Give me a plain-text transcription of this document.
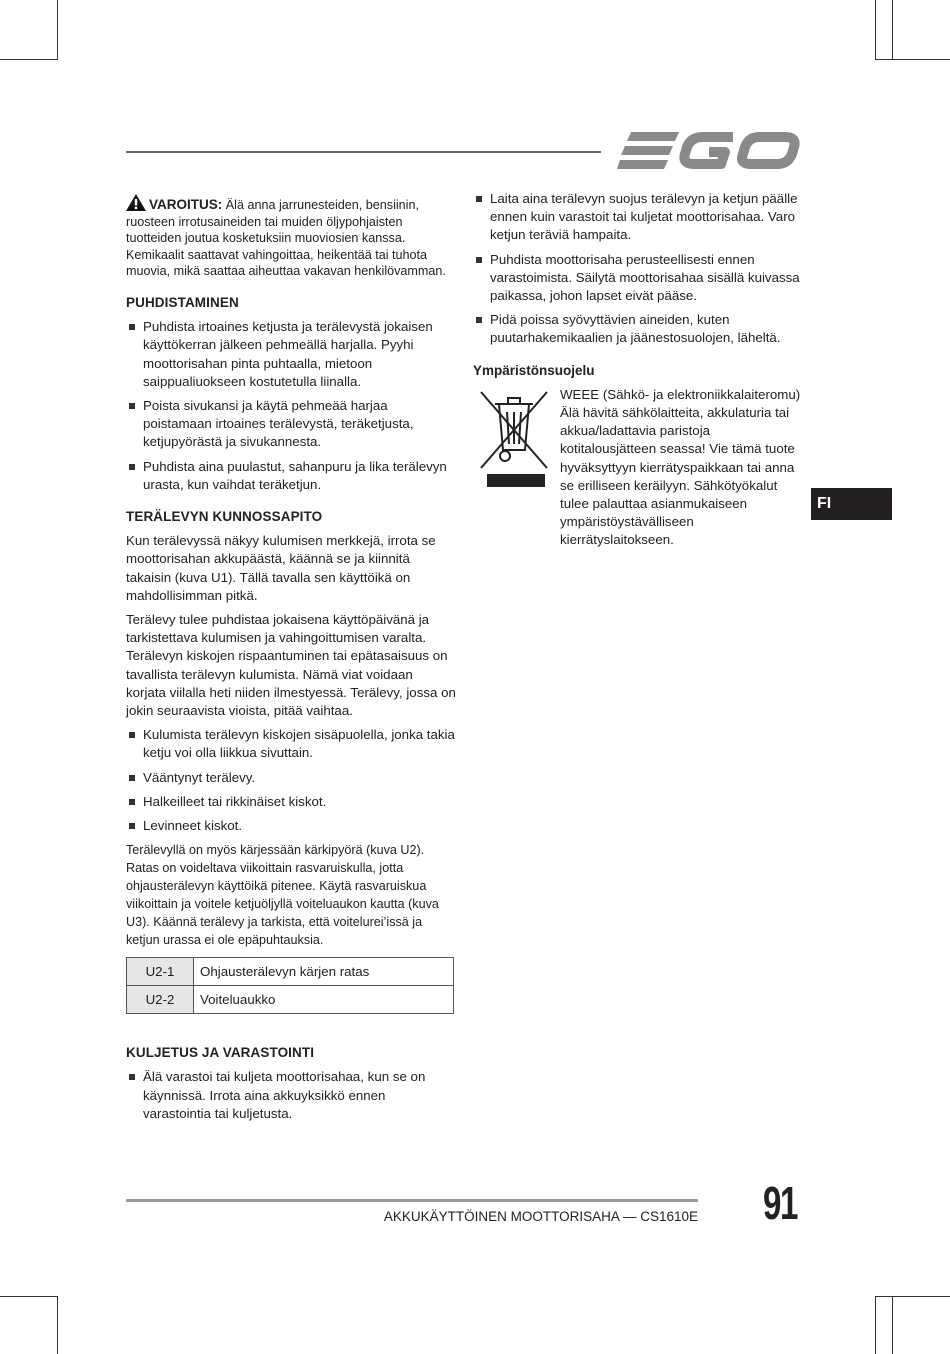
FI

VAROITUS: Älä anna jarrunesteiden, bensiinin, ruosteen irrotusaineiden tai muiden öljypohjaisten tuotteiden joutua kosketuksiin muoviosien kanssa. Kemikaalit saattavat vahingoittaa, heikentää tai tuhota muovia, mikä saattaa aiheuttaa vakavan henkilövamman.

PUHDISTAMINEN
Puhdista irtoaines ketjusta ja terälevystä jokaisen käyttökerran jälkeen pehmeällä harjalla. Pyyhi moottorisahan pinta puhtaalla, mietoon saippualiuokseen kostutetulla liinalla.
Poista sivukansi ja käytä pehmeää harjaa poistamaan irtoaines terälevystä, teräketjusta, ketjupyörästä ja sivukannesta.
Puhdista aina puulastut, sahanpuru ja lika terälevyn urasta, kun vaihdat teräketjun.
TERÄLEVYN KUNNOSSAPITO

Kun terälevyssä näkyy kulumisen merkkejä, irrota se moottorisahan akkupäästä, käännä se ja kiinnitä takaisin (kuva U1). Tällä tavalla sen käyttöikä on mahdollisimman pitkä.

Terälevy tulee puhdistaa jokaisena käyttöpäivänä ja tarkistettava kulumisen ja vahingoittumisen varalta. Terälevyn kiskojen rispaantuminen tai epätasaisuus on tavallista terälevyn kulumista. Nämä viat voidaan korjata viilalla heti niiden ilmestyessä. Terälevy, jossa on jokin seuraavista vioista, pitää vaihtaa.

Kulumista terälevyn kiskojen sisäpuolella, jonka takia ketju voi olla liikkua sivuttain.
Vääntynyt terälevy.
Halkeilleet tai rikkinäiset kiskot.
Levinneet kiskot.

Terälevyllä on myös kärjessään kärkipyörä (kuva U2). Ratas on voideltava viikoittain rasvaruiskulla, jotta ohjausterälevyn käyttöikä pitenee. Käytä rasvaruiskua viikoittain ja voitele ketjuöljyllä voiteluaukon kautta (kuva U3). Käännä terälevy ja tarkista, että voitelurei’issä ja ketjun urassa ei ole epäpuhtauksia.

U2-1	Ohjausterälevyn kärjen ratas
U2-2	Voiteluaukko
KULJETUS JA VARASTOINTI
Älä varastoi tai kuljeta moottorisahaa, kun se on käynnissä. Irrota aina akkuyksikkö ennen varastointia tai kuljetusta.
Laita aina terälevyn suojus terälevyn ja ketjun päälle ennen kuin varastoit tai kuljetat moottorisahaa. Varo ketjun teräviä hampaita.
Puhdista moottorisaha perusteellisesti ennen varastoimista. Säilytä moottorisahaa sisällä kuivassa paikassa, johon lapset eivät pääse.
Pidä poissa syövyttävien aineiden, kuten puutarhakemikaalien ja jäänestosuolojen, läheltä.
Ympäristönsuojelu
WEEE (Sähkö- ja elektroniikkalaiteromu) Älä hävitä sähkölaitteita, akkulaturia tai akkua/ladattavia paristoja kotitalousjätteen seassa! Vie tämä tuote hyväksyttyyn kierrätyspaikkaan tai anna se erilliseen keräilyyn. Sähkötyökalut tulee palauttaa asianmukaiseen ympäristöystävälliseen kierrätyslaitokseen.
AKKUKÄYTTÖINEN MOOTTORISAHA — CS1610E 91
